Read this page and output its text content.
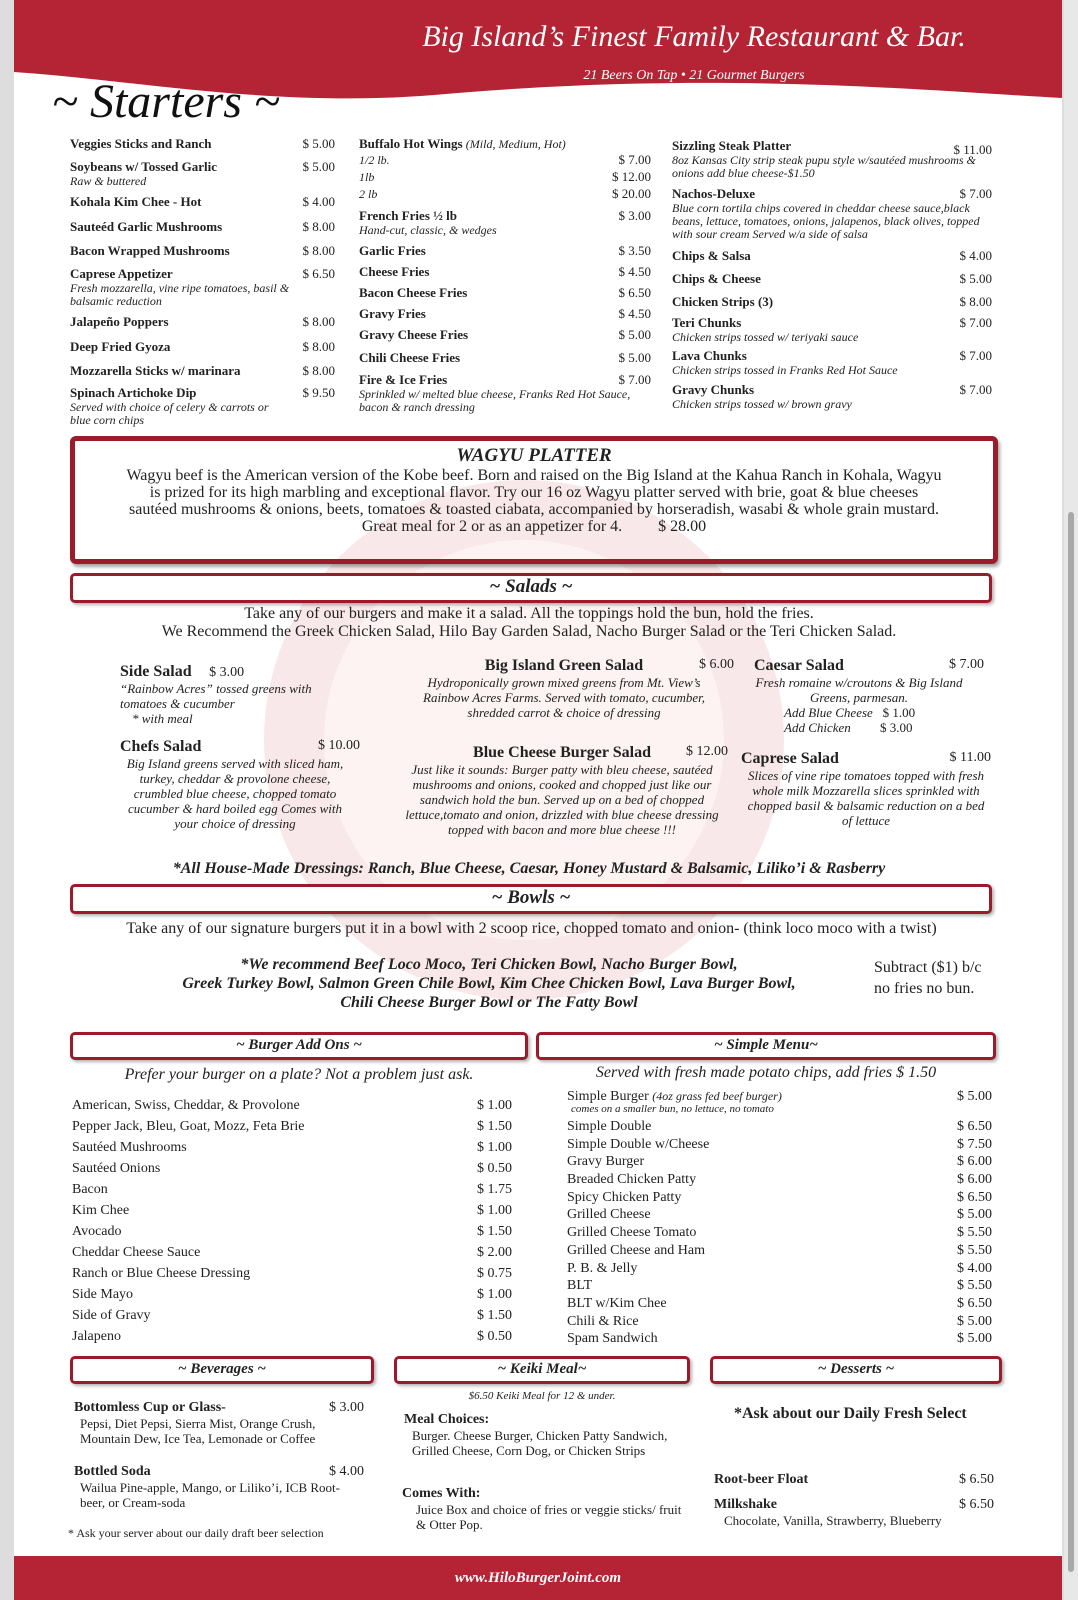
Big Island’s Finest Family Restaurant & Bar.
21 Beers On Tap • 21 Gourmet Burgers
Free Burger on YOUR BIRTHDAY
~ Starters ~
Veggies Sticks and Ranch	$ 5.00
Soybeans w/ Tossed Garlic	$ 5.00
Raw & buttered
Kohala Kim Chee - Hot	$ 4.00
Sauteéd Garlic Mushrooms	$ 8.00
Bacon Wrapped Mushrooms	$ 8.00
Caprese Appetizer	$ 6.50
Fresh mozzarella, vine ripe tomatoes, basil & balsamic reduction
Jalapeño Poppers	$ 8.00
Deep Fried Gyoza	$ 8.00
Mozzarella Sticks w/ marinara	$ 8.00
Spinach Artichoke Dip	$ 9.50
Served with choice of celery & carrots or blue corn chips
Buffalo Hot Wings (Mild, Medium, Hot)
1/2 lb.	$ 7.00
1lb	$ 12.00
2 lb	$ 20.00
French Fries ½ lb	$ 3.00
Hand-cut, classic, & wedges
Garlic Fries	$ 3.50
Cheese Fries	$ 4.50
Bacon Cheese Fries	$ 6.50
Gravy Fries	$ 4.50
Gravy Cheese Fries	$ 5.00
Chili Cheese Fries	$ 5.00
Fire & Ice Fries	$ 7.00
Sprinkled w/ melted blue cheese, Franks Red Hot Sauce, bacon & ranch dressing
Sizzling Steak Platter	$ 11.00
8oz Kansas City strip steak pupu style w/sautéed mushrooms & onions add blue cheese-$1.50
Nachos-Deluxe	$ 7.00
Blue corn tortila chips covered in cheddar cheese sauce,black beans, lettuce, tomatoes, onions, jalapenos, black olives, topped with sour cream Served w/a side of salsa
Chips & Salsa	$ 4.00
Chips & Cheese	$ 5.00
Chicken Strips (3)	$ 8.00
Teri Chunks	$ 7.00
Chicken strips tossed w/ teriyaki sauce
Lava Chunks	$ 7.00
Chicken strips tossed in Franks Red Hot Sauce
Gravy Chunks	$ 7.00
Chicken strips tossed w/ brown gravy
WAGYU PLATTER
Wagyu beef is the American version of the Kobe beef. Born and raised on the Big Island at the Kahua Ranch in Kohala, Wagyu is prized for its high marbling and exceptional flavor. Try our 16 oz Wagyu platter served with brie, goat & blue cheeses sautéed mushrooms & onions, beets, tomatoes & toasted ciabata, accompanied by horseradish, wasabi & whole grain mustard. Great meal for 2 or as an appetizer for 4. $ 28.00
~ Salads ~
Take any of our burgers and make it a salad. All the toppings hold the bun, hold the fries.
We Recommend the Greek Chicken Salad, Hilo Bay Garden Salad, Nacho Burger Salad or the Teri Chicken Salad.
Side Salad $ 3.00
“Rainbow Acres” tossed greens with tomatoes & cucumber
* with meal
Chefs Salad	$ 10.00
Big Island greens served with sliced ham, turkey, cheddar & provolone cheese, crumbled blue cheese, chopped tomato cucumber & hard boiled egg Comes with your choice of dressing
Big Island Green Salad	$ 6.00
Hydroponically grown mixed greens from Mt. View’s Rainbow Acres Farms. Served with tomato, cucumber, shredded carrot & choice of dressing
Blue Cheese Burger Salad	$ 12.00
Just like it sounds: Burger patty with bleu cheese, sautéed mushrooms and onions, cooked and chopped just like our sandwich hold the bun. Served up on a bed of chopped lettuce,tomato and onion, drizzled with blue cheese dressing topped with bacon and more blue cheese !!!
Caesar Salad	$ 7.00
Fresh romaine w/croutons & Big Island Greens, parmesan.
Add Blue Cheese $ 1.00
Add Chicken $ 3.00
Caprese Salad	$ 11.00
Slices of vine ripe tomatoes topped with fresh whole milk Mozzarella slices sprinkled with chopped basil & balsamic reduction on a bed of lettuce
*All House-Made Dressings: Ranch, Blue Cheese, Caesar, Honey Mustard & Balsamic, Liliko’i & Rasberry
~ Bowls ~
Take any of our signature burgers put it in a bowl with 2 scoop rice, chopped tomato and onion- (think loco moco with a twist)
*We recommend Beef Loco Moco, Teri Chicken Bowl, Nacho Burger Bowl,
Greek Turkey Bowl, Salmon Green Chile Bowl, Kim Chee Chicken Bowl, Lava Burger Bowl,
Chili Cheese Burger Bowl or The Fatty Bowl
Subtract ($1) b/c
no fries no bun.
~ Burger Add Ons ~
Prefer your burger on a plate? Not a problem just ask.
American, Swiss, Cheddar, & Provolone	$ 1.00
Pepper Jack, Bleu, Goat, Mozz, Feta Brie	$ 1.50
Sautéed Mushrooms	$ 1.00
Sautéed Onions	$ 0.50
Bacon	$ 1.75
Kim Chee	$ 1.00
Avocado	$ 1.50
Cheddar Cheese Sauce	$ 2.00
Ranch or Blue Cheese Dressing	$ 0.75
Side Mayo	$ 1.00
Side of Gravy	$ 1.50
Jalapeno	$ 0.50
~ Simple Menu~
Served with fresh made potato chips, add fries $ 1.50
Simple Burger (4oz grass fed beef burger)	$ 5.00
comes on a smaller bun, no lettuce, no tomato
Simple Double	$ 6.50
Simple Double w/Cheese	$ 7.50
Gravy Burger	$ 6.00
Breaded Chicken Patty	$ 6.00
Spicy Chicken Patty	$ 6.50
Grilled Cheese	$ 5.00
Grilled Cheese Tomato	$ 5.50
Grilled Cheese and Ham	$ 5.50
P. B. & Jelly	$ 4.00
BLT	$ 5.50
BLT w/Kim Chee	$ 6.50
Chili & Rice	$ 5.00
Spam Sandwich	$ 5.00
~ Beverages ~
Bottomless Cup or Glass-	$ 3.00
Pepsi, Diet Pepsi, Sierra Mist, Orange Crush, Mountain Dew, Ice Tea, Lemonade or Coffee
Bottled Soda	$ 4.00
Wailua Pine-apple, Mango, or Liliko’i, ICB Root-beer, or Cream-soda
* Ask your server about our daily draft beer selection
~ Keiki Meal~
$6.50 Keiki Meal for 12 & under.
Meal Choices:
Burger. Cheese Burger, Chicken Patty Sandwich, Grilled Cheese, Corn Dog, or Chicken Strips
Comes With:
Juice Box and choice of fries or veggie sticks/ fruit & Otter Pop.
~ Desserts ~
*Ask about our Daily Fresh Select
Root-beer Float	$ 6.50
Milkshake	$ 6.50
Chocolate, Vanilla, Strawberry, Blueberry
www.HiloBurgerJoint.com
